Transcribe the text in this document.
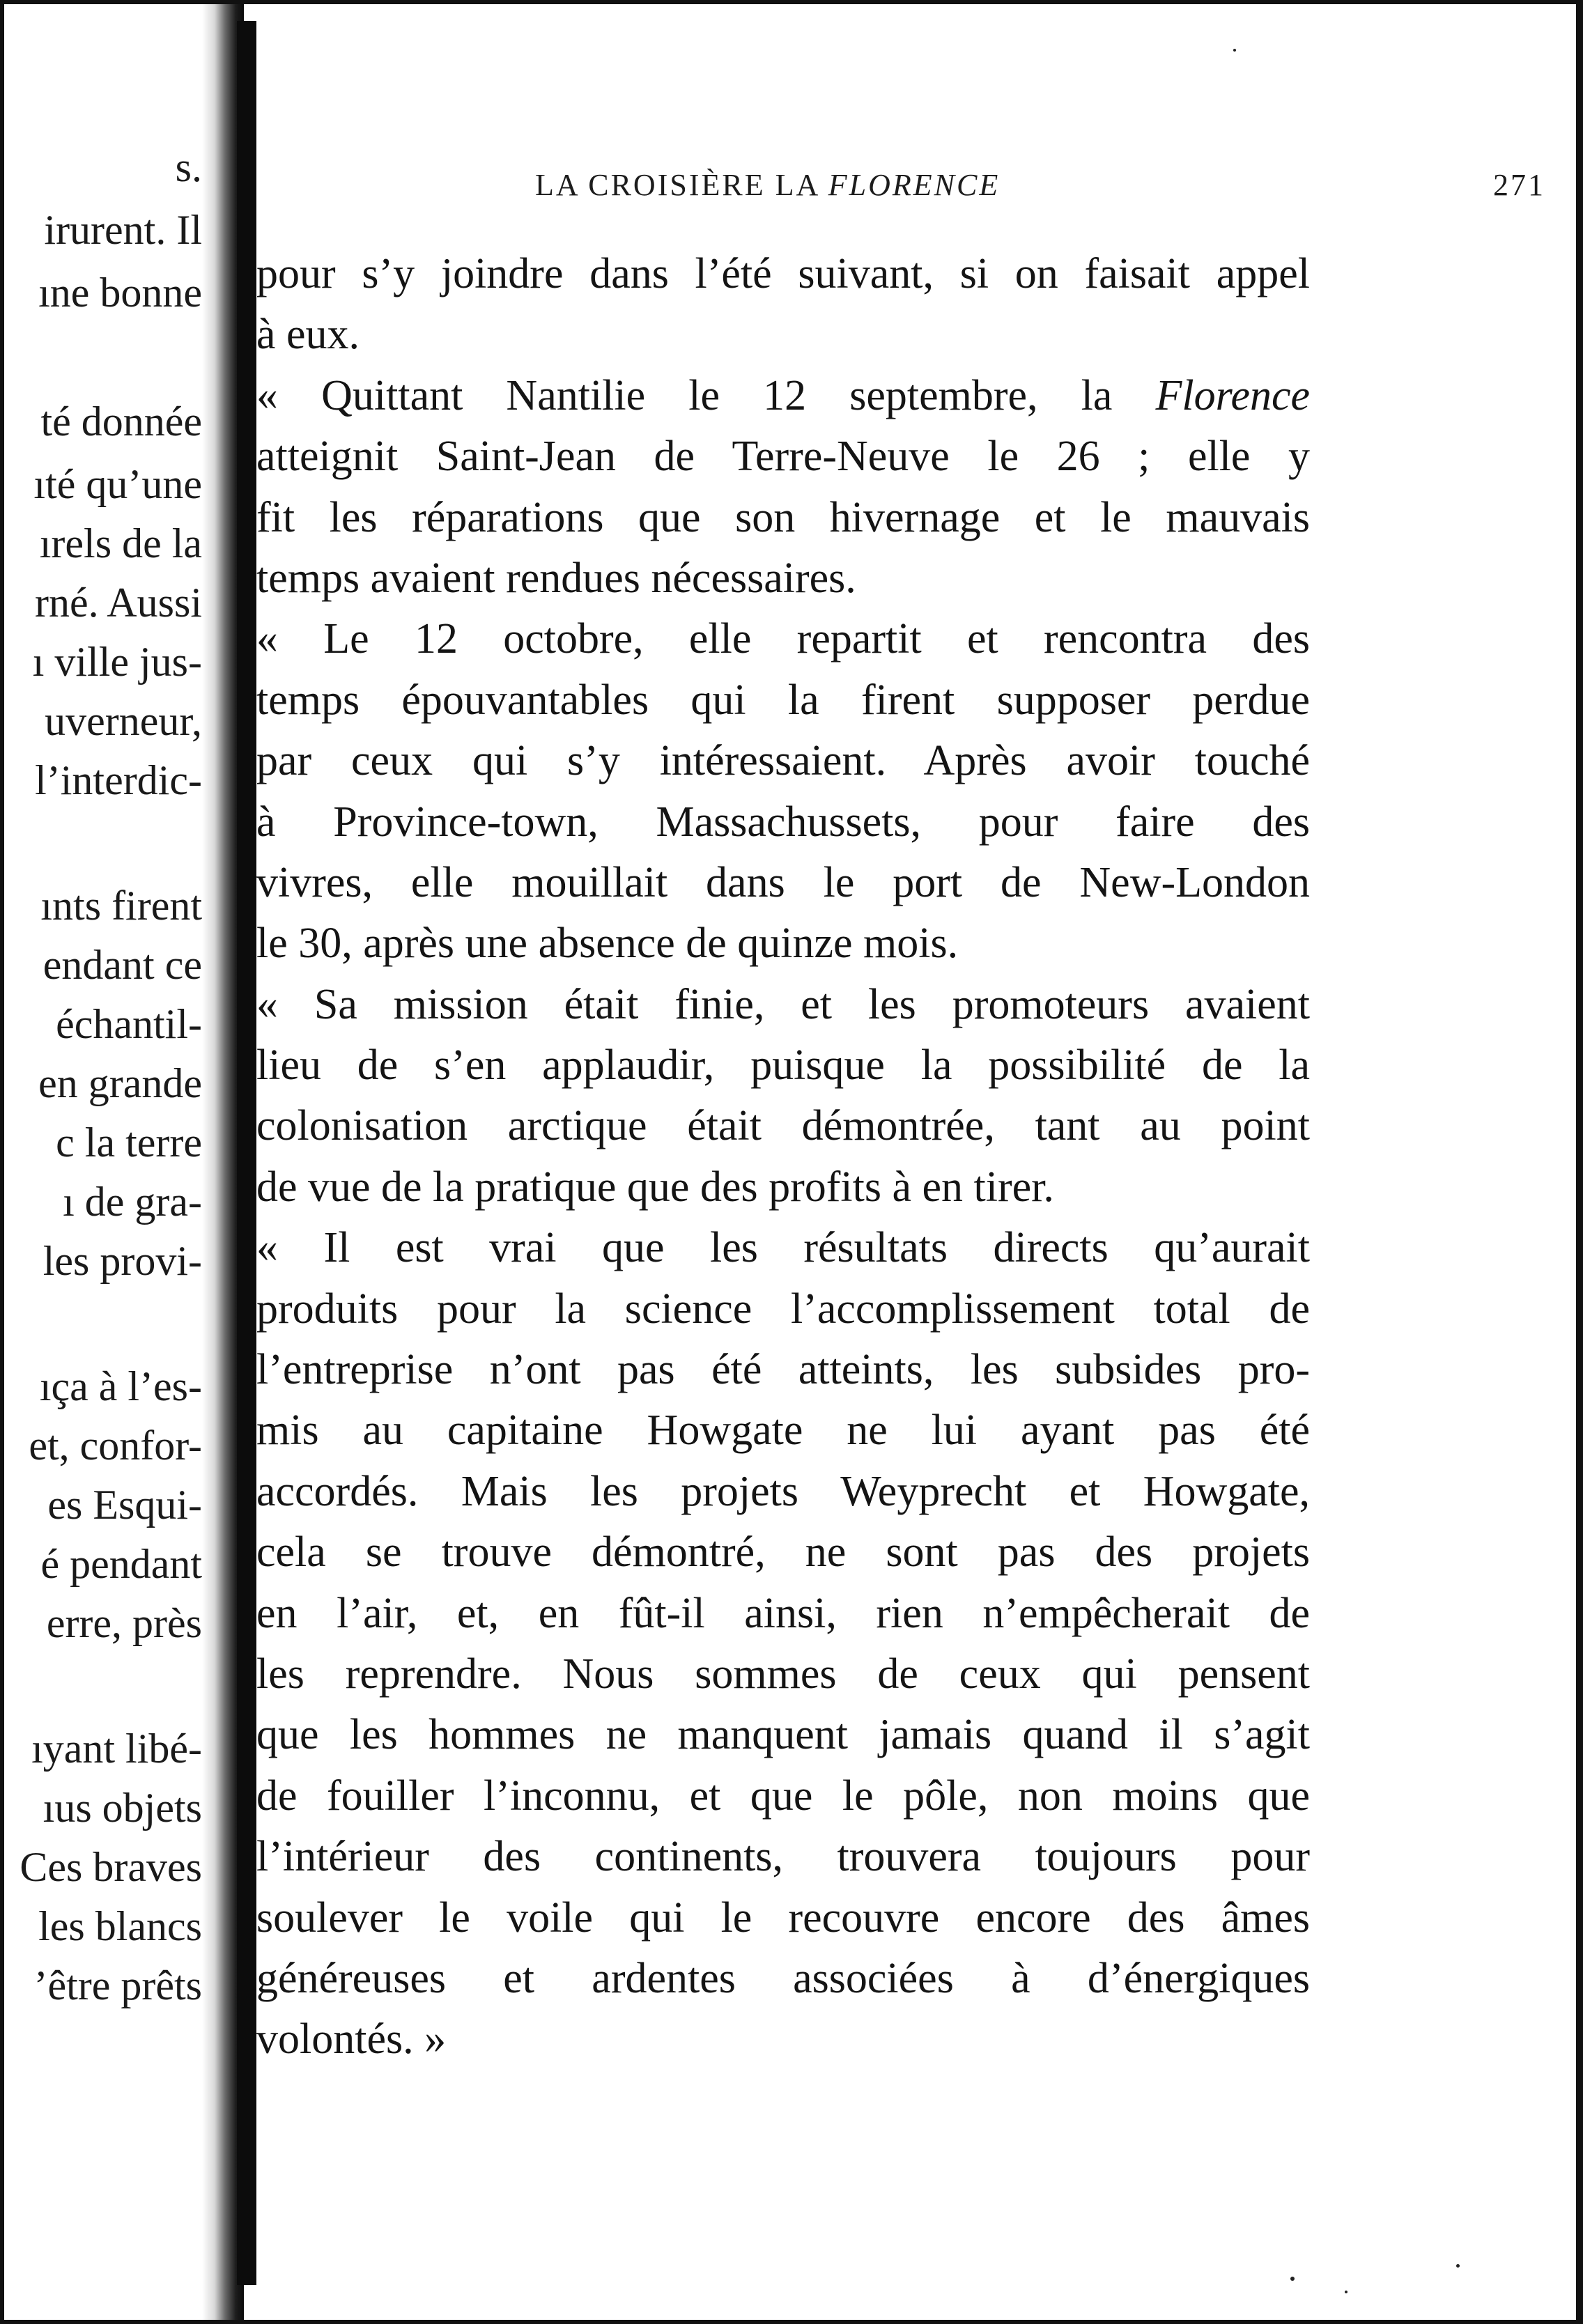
s.
irurent. Il
ıne bonne
té donnée
ıté qu’une
ırels de la
rné. Aussi
ı ville jus-
uverneur,
l’interdic-
ınts firent
endant ce
échantil-
en grande
c la terre
ı de gra-
les provi-
ıça à l’es-
et, confor-
es Esqui-
é pendant
erre, près
ıyant libé-
ıus objets
Ces braves
les blancs
’être prêts
LA CROISIÈRE LA FLORENCE	271
pour s’y joindre dans l’été suivant, si on faisait appel
à eux.
« Quittant Nantilie le 12 septembre, la Florence
atteignit Saint-Jean de Terre-Neuve le 26 ; elle y
fit les réparations que son hivernage et le mauvais
temps avaient rendues nécessaires.
« Le 12 octobre, elle repartit et rencontra des
temps épouvantables qui la firent supposer perdue
par ceux qui s’y intéressaient. Après avoir touché
à Province-town, Massachussets, pour faire des
vivres, elle mouillait dans le port de New-London
le 30, après une absence de quinze mois.
« Sa mission était finie, et les promoteurs avaient
lieu de s’en applaudir, puisque la possibilité de la
colonisation arctique était démontrée, tant au point
de vue de la pratique que des profits à en tirer.
« Il est vrai que les résultats directs qu’aurait
produits pour la science l’accomplissement total de
l’entreprise n’ont pas été atteints, les subsides pro-
mis au capitaine Howgate ne lui ayant pas été
accordés. Mais les projets Weyprecht et Howgate,
cela se trouve démontré, ne sont pas des projets
en l’air, et, en fût-il ainsi, rien n’empêcherait de
les reprendre. Nous sommes de ceux qui pensent
que les hommes ne manquent jamais quand il s’agit
de fouiller l’inconnu, et que le pôle, non moins que
l’intérieur des continents, trouvera toujours pour
soulever le voile qui le recouvre encore des âmes
généreuses et ardentes associées à d’énergiques
volontés. »
